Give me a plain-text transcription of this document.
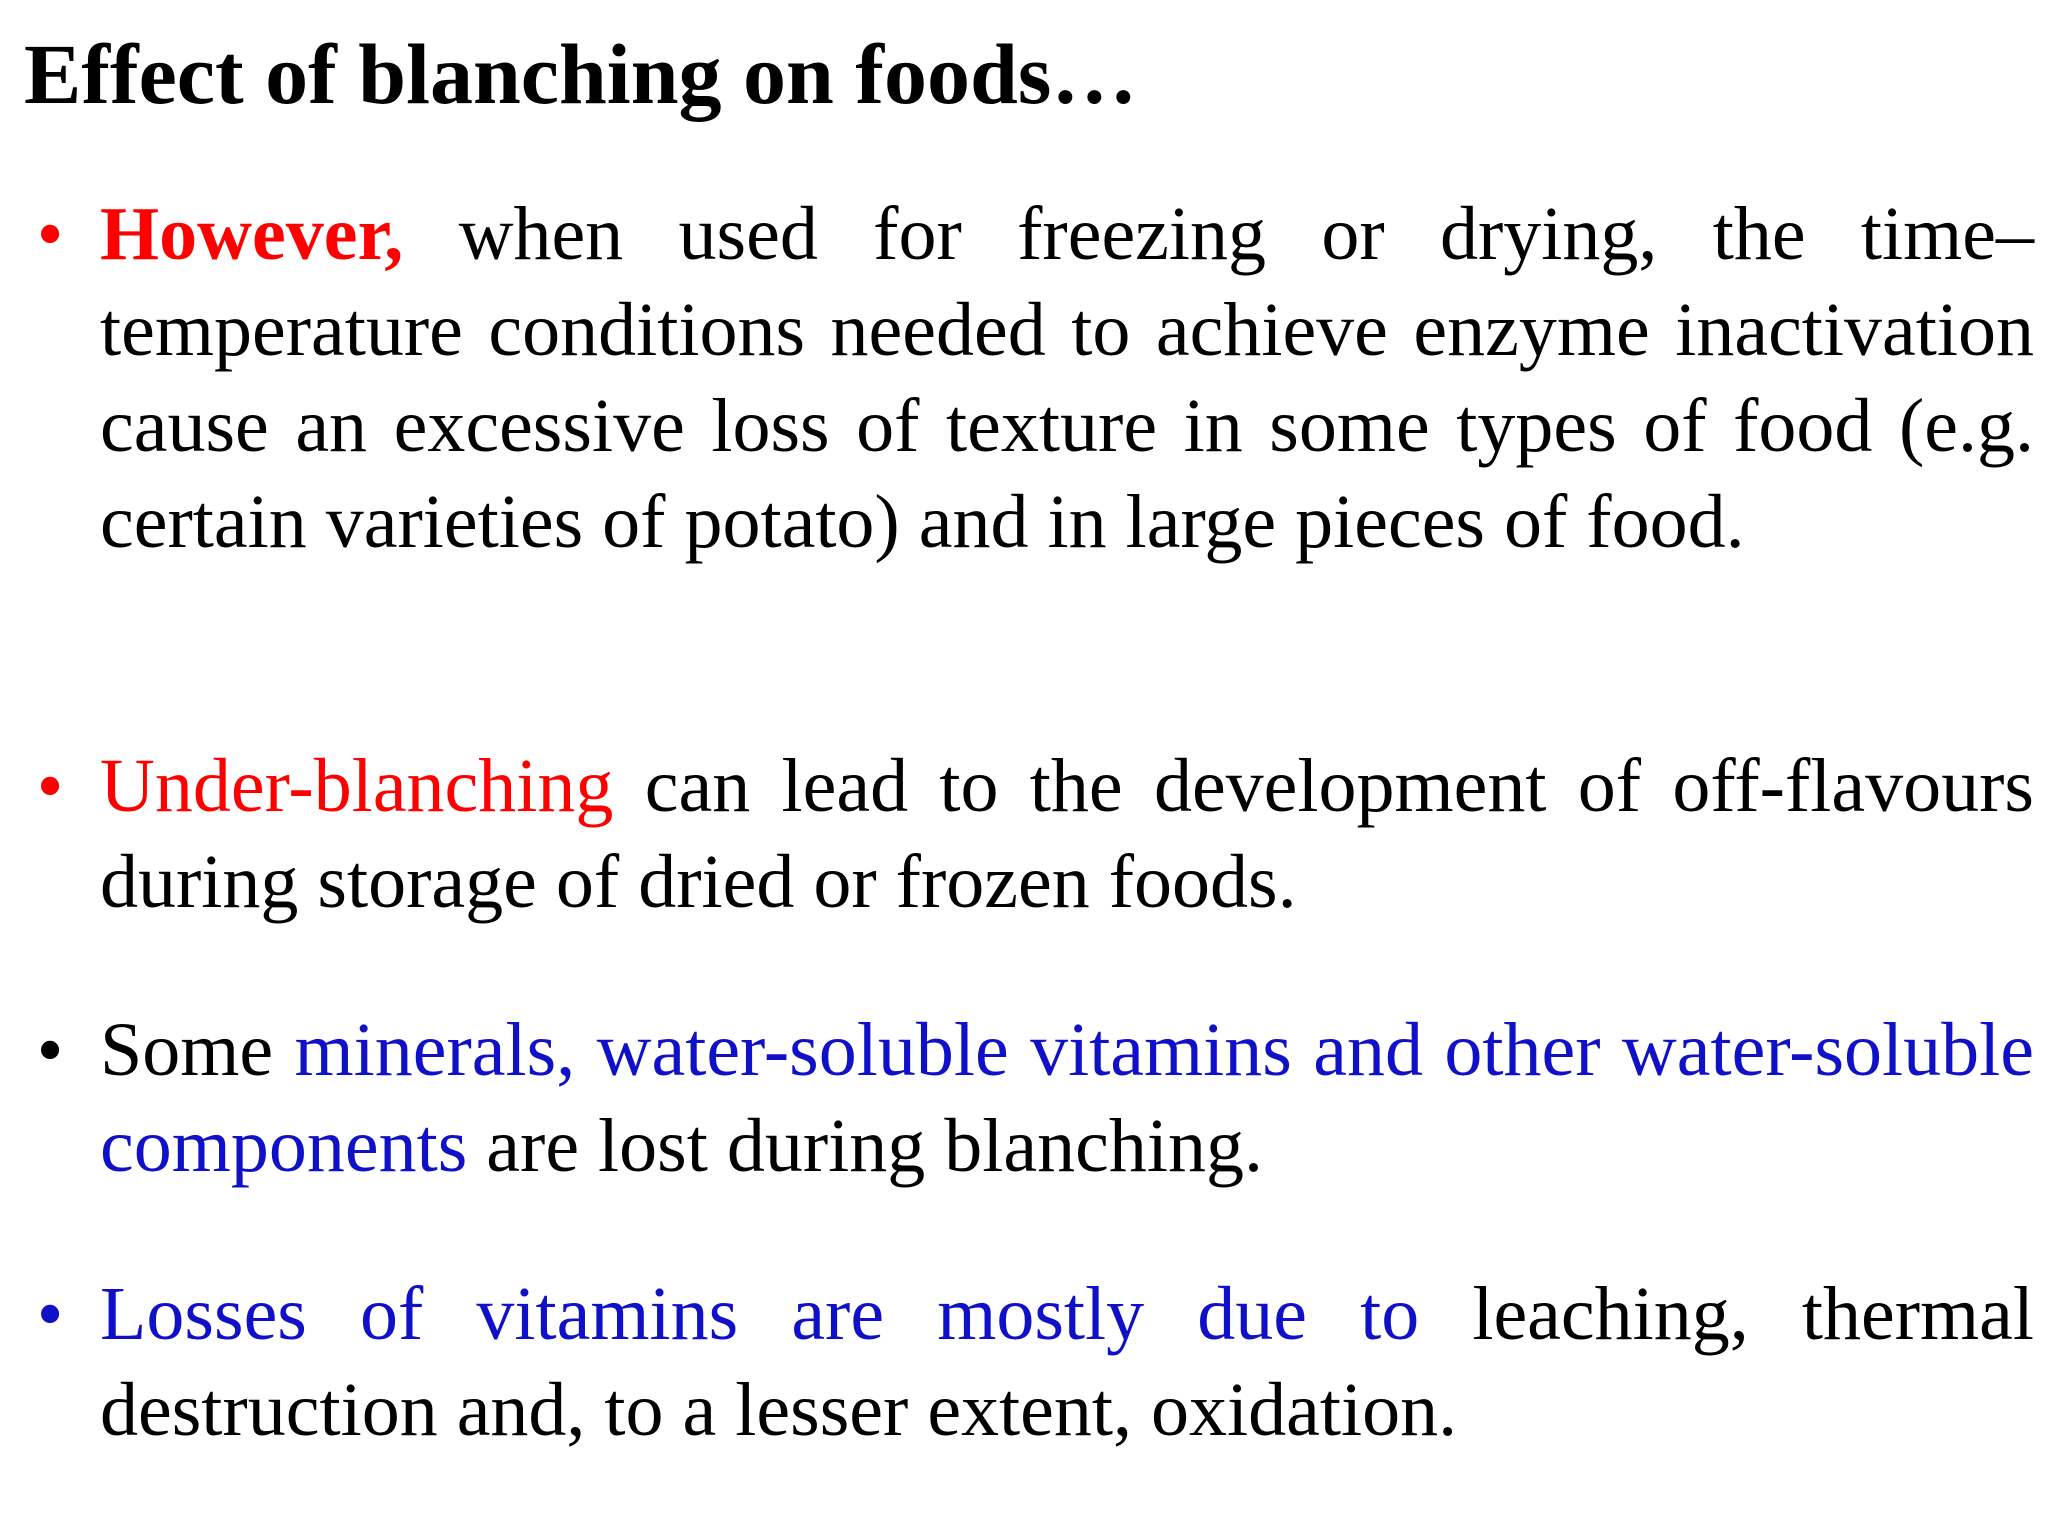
Effect of blanching on foods…

• However, when used for freezing or drying, the time–temperature conditions needed to achieve enzyme inactivation cause an excessive loss of texture in some types of food (e.g. certain varieties of potato) and in large pieces of food.

• Under-blanching can lead to the development of off-flavours during storage of dried or frozen foods.

• Some minerals, water-soluble vitamins and other water-soluble components are lost during blanching.

• Losses of vitamins are mostly due to leaching, thermal destruction and, to a lesser extent, oxidation.
